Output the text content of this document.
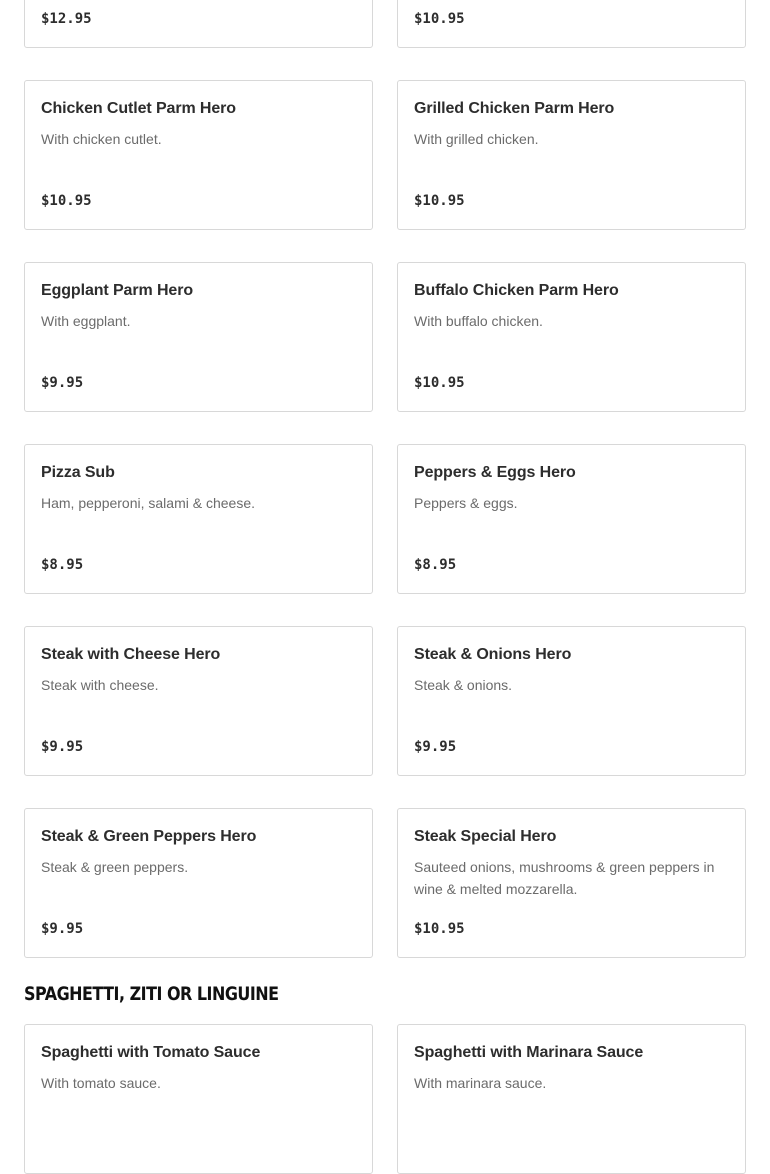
$12.95	$10.95
Chicken Cutlet Parm Hero
With chicken cutlet.
$10.95
Grilled Chicken Parm Hero
With grilled chicken.
$10.95
Eggplant Parm Hero
With eggplant.
$9.95
Buffalo Chicken Parm Hero
With buffalo chicken.
$10.95
Pizza Sub
Ham, pepperoni, salami & cheese.
$8.95
Peppers & Eggs Hero
Peppers & eggs.
$8.95
Steak with Cheese Hero
Steak with cheese.
$9.95
Steak & Onions Hero
Steak & onions.
$9.95
Steak & Green Peppers Hero
Steak & green peppers.
$9.95
Steak Special Hero
Sauteed onions, mushrooms & green peppers in wine & melted mozzarella.
$10.95
SPAGHETTI, ZITI OR LINGUINE
Spaghetti with Tomato Sauce
With tomato sauce.
Spaghetti with Marinara Sauce
With marinara sauce.
